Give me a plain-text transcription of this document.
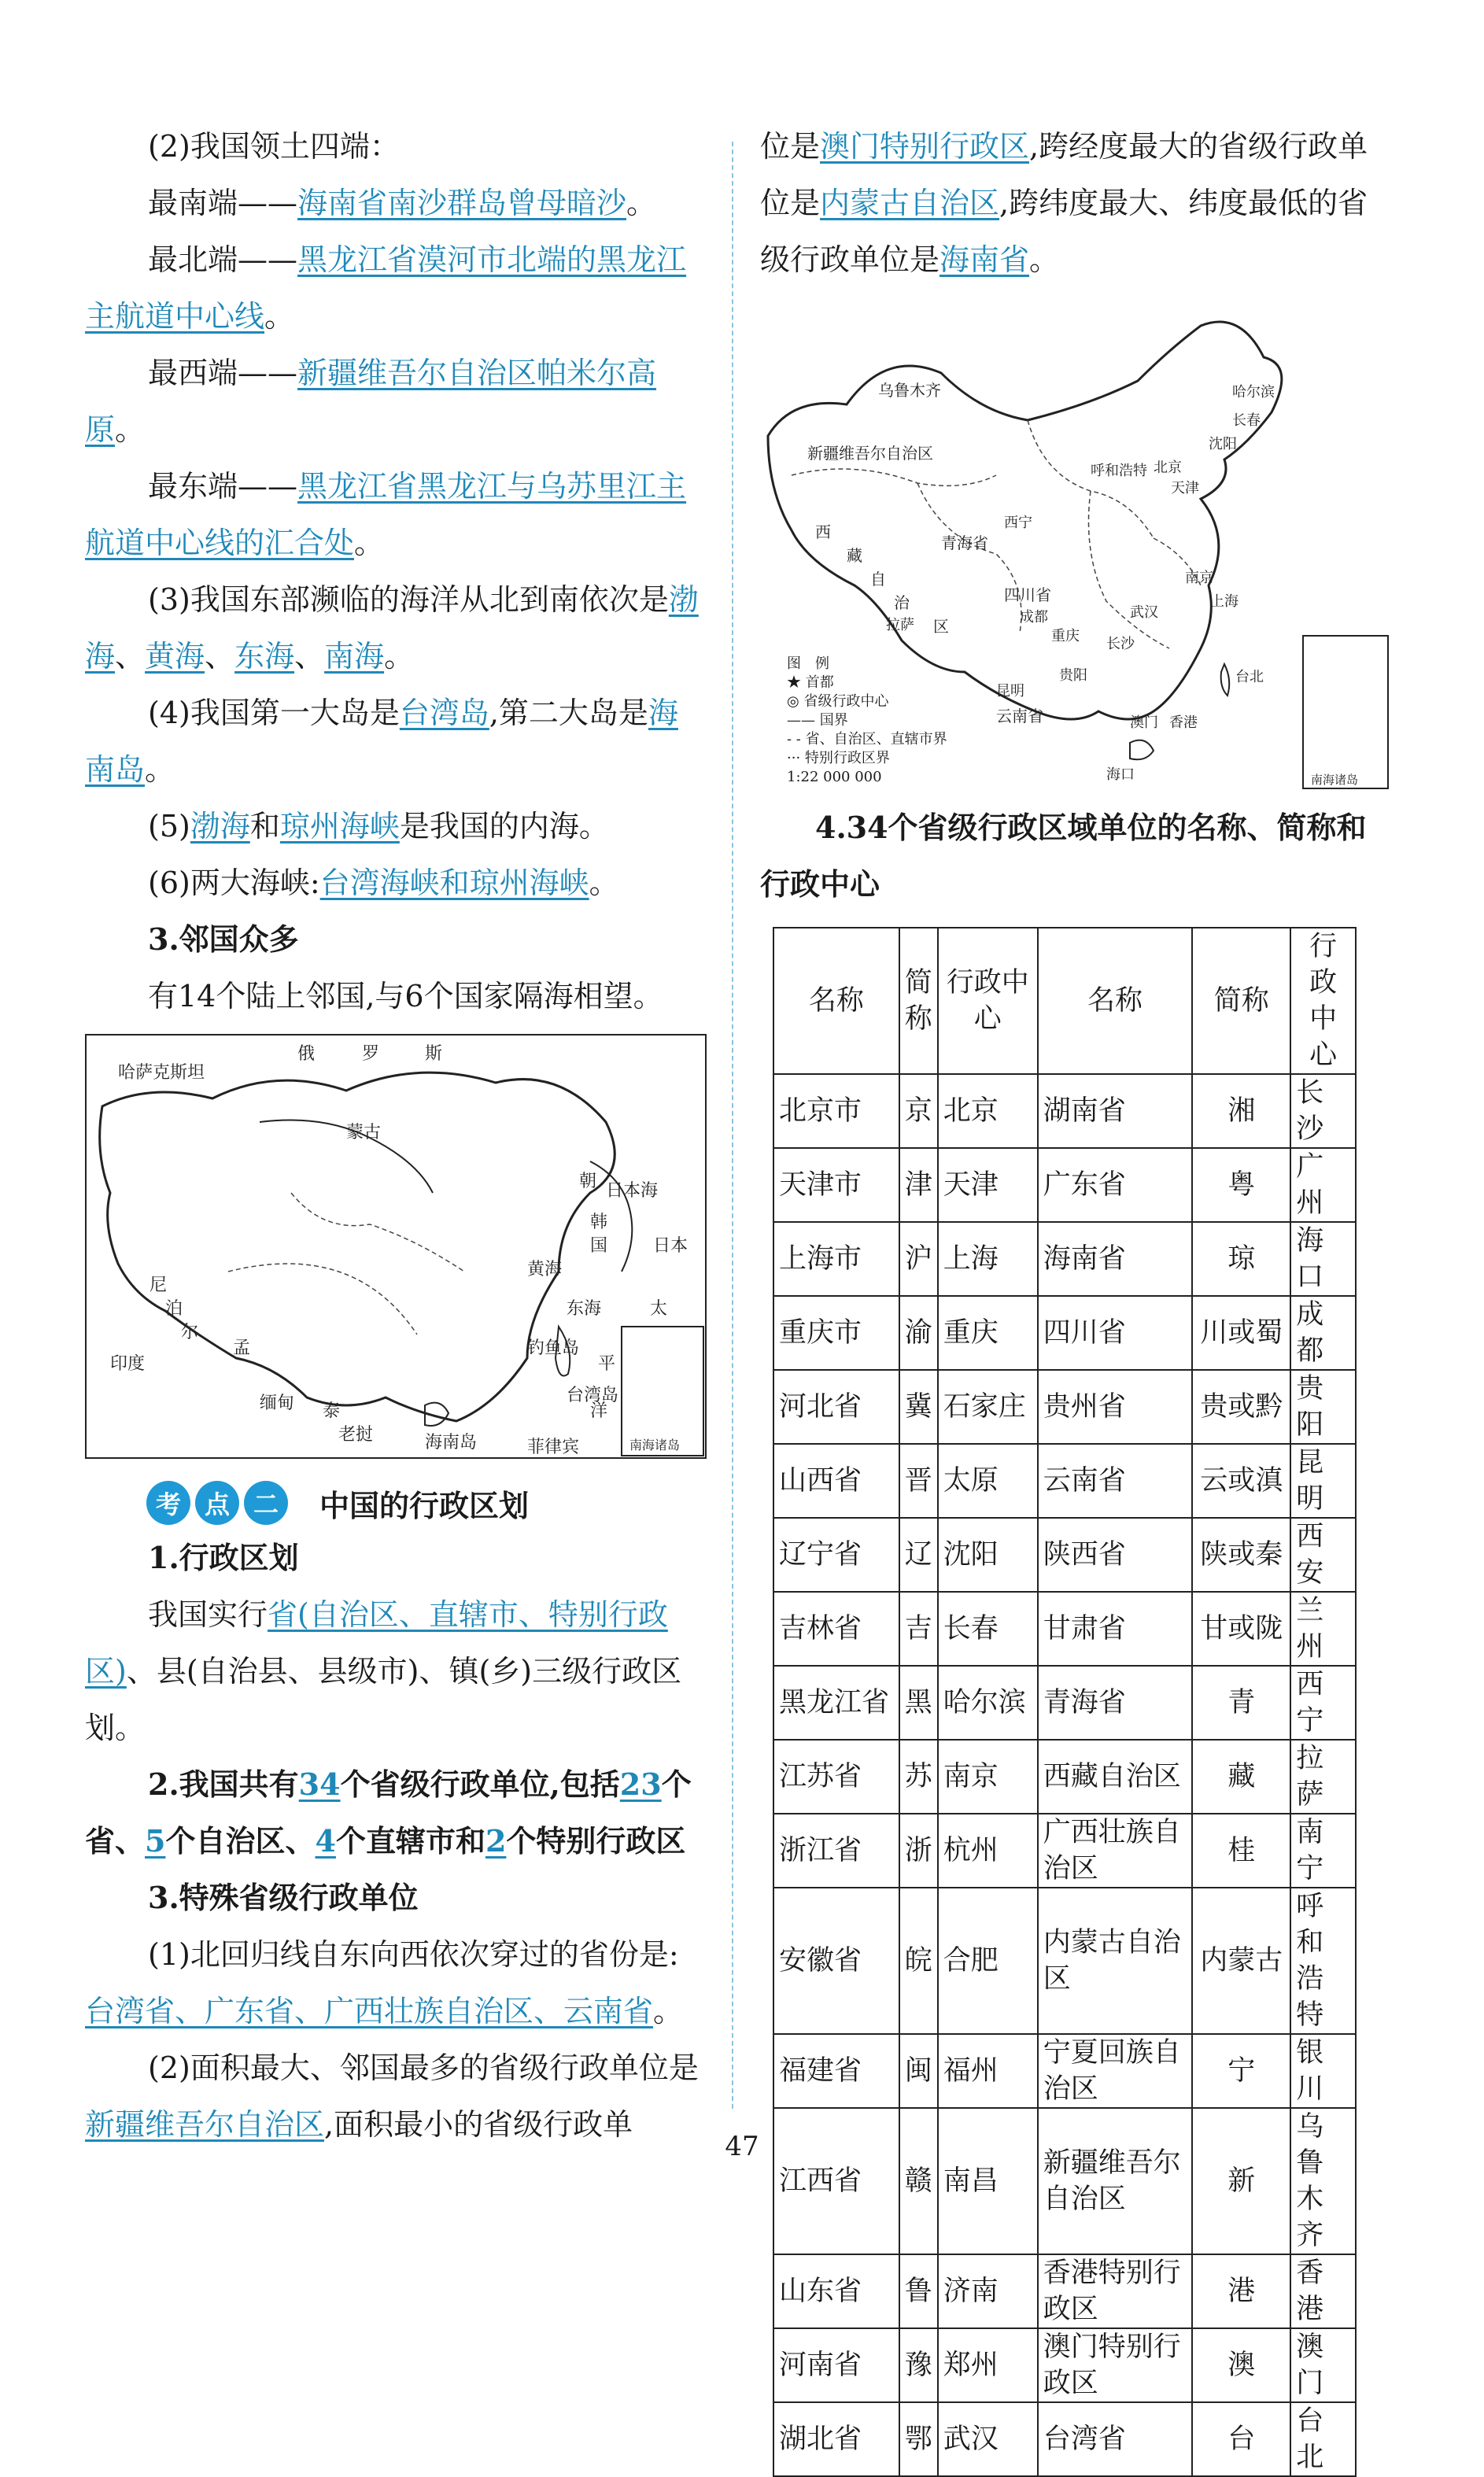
(2)我国领土四端：

最南端——海南省南沙群岛曾母暗沙。

最北端——黑龙江省漠河市北端的黑龙江主航道中心线。

最西端——新疆维吾尔自治区帕米尔高原。

最东端——黑龙江省黑龙江与乌苏里江主航道中心线的汇合处。

(3)我国东部濒临的海洋从北到南依次是渤海、黄海、东海、南海。

(4)我国第一大岛是台湾岛,第二大岛是海南岛。

(5)渤海和琼州海峡是我国的内海。

(6)两大海峡:台湾海峡和琼州海峡。

3.邻国众多

有14个陆上邻国,与6个国家隔海相望。

哈萨克斯坦
俄	罗	斯
蒙古
日本海
朝
韩
国	日本
黄海
东海	太
平
洋
钓鱼岛
台湾岛
海南岛	菲律宾
印度
缅甸
老挝
泰
孟
尼
泊
尔
南海诸岛
考 点 二	中国的行政区划

1.行政区划

我国实行省(自治区、直辖市、特别行政区)、县(自治县、县级市)、镇(乡)三级行政区划。

2.我国共有34个省级行政单位,包括23个省、5个自治区、4个直辖市和2个特别行政区

3.特殊省级行政单位

(1)北回归线自东向西依次穿过的省份是:台湾省、广东省、广西壮族自治区、云南省。

(2)面积最大、邻国最多的省级行政单位是新疆维吾尔自治区,面积最小的省级行政单

位是澳门特别行政区,跨经度最大的省级行政单位是内蒙古自治区,跨纬度最大、纬度最低的省级行政单位是海南省。

乌鲁木齐
新疆维吾尔自治区
西
藏
自
治
拉萨 区
青海省
西宁
四川省
成都
重庆
昆明
云南省
贵阳
长沙
武汉
南京
上海
北京
天津
呼和浩特
哈尔滨
长春
沈阳
台北
香港
澳门
海口	南海诸岛
图　例
★ 首都
◎ 省级行政中心
—— 国界
- - 省、自治区、直辖市界
··· 特别行政区界
1:22 000 000

4.34个省级行政区域单位的名称、简称和行政中心

名称	简称	行政中心	名称	简称	行政中心
北京市	京	北京	湖南省	湘	长沙
天津市	津	天津	广东省	粤	广州
上海市	沪	上海	海南省	琼	海口
重庆市	渝	重庆	四川省	川或蜀	成都
河北省	冀	石家庄	贵州省	贵或黔	贵阳
山西省	晋	太原	云南省	云或滇	昆明
辽宁省	辽	沈阳	陕西省	陕或秦	西安
吉林省	吉	长春	甘肃省	甘或陇	兰州
黑龙江省	黑	哈尔滨	青海省	青	西宁
江苏省	苏	南京	西藏自治区	藏	拉萨
浙江省	浙	杭州	广西壮族自治区	桂	南宁
安徽省	皖	合肥	内蒙古自治区	内蒙古	呼和浩特
福建省	闽	福州	宁夏回族自治区	宁	银川
江西省	赣	南昌	新疆维吾尔自治区	新	乌鲁木齐
山东省	鲁	济南	香港特别行政区	港	香港
河南省	豫	郑州	澳门特别行政区	澳	澳门
湖北省	鄂	武汉	台湾省	台	台北
47
